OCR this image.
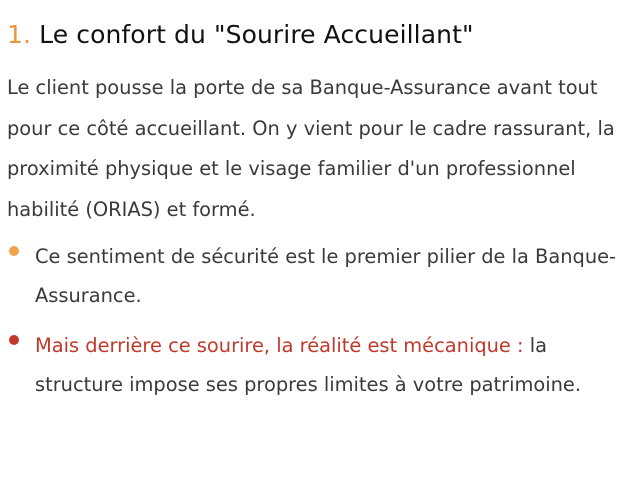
1. Le confort du "Sourire Accueillant"

Le client pousse la porte de sa Banque-Assurance avant tout pour ce côté accueillant. On y vient pour le cadre rassurant, la proximité physique et le visage familier d'un professionnel habilité (ORIAS) et formé.

Ce sentiment de sécurité est le premier pilier de la Banque-Assurance.
Mais derrière ce sourire, la réalité est mécanique : la structure impose ses propres limites à votre patrimoine.
